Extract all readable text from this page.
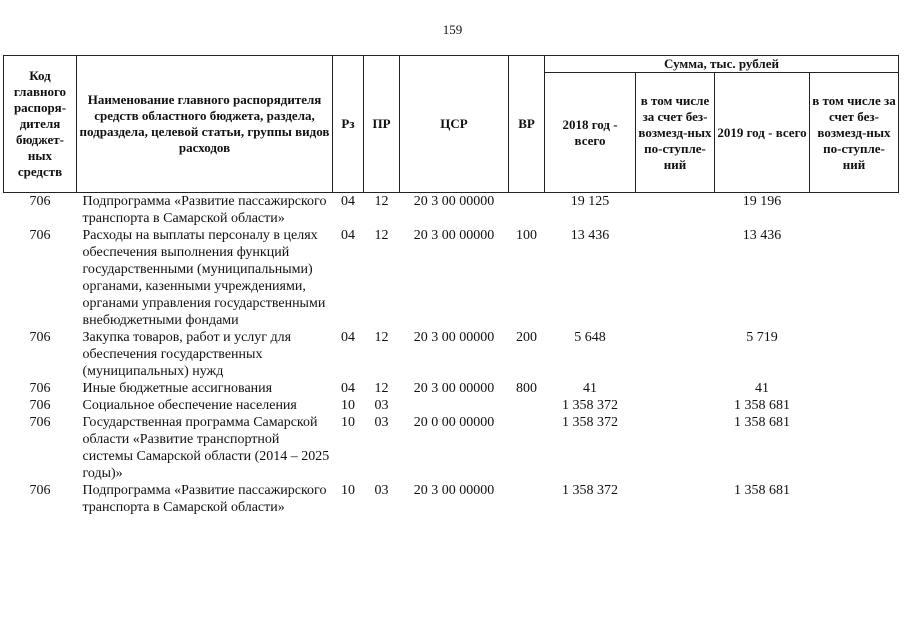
159
Код главного распоря-дителя бюджет-ных средств	Наименование главного распорядителя средств областного бюджета, раздела, подраздела, целевой статьи, группы видов расходов	Рз	ПР	ЦСР	ВР	Сумма, тыс. рублей			
						2018 год - всего	в том числе за счет без-возмезд-ных по-ступле-ний	2019 год - всего	в том числе за счет без-возмезд-ных по-ступле-ний
706	Подпрограмма «Развитие пассажирского транспорта в Самарской области»	04	12	20 3 00 00000		19 125		19 196	
706	Расходы на выплаты персоналу в целях обеспечения выполнения функций государственными (муниципальными) органами, казенными учреждениями, органами управления государственными внебюджетными фондами	04	12	20 3 00 00000	100	13 436		13 436	
706	Закупка товаров, работ и услуг для обеспечения государственных (муниципальных) нужд	04	12	20 3 00 00000	200	5 648		5 719	
706	Иные бюджетные ассигнования	04	12	20 3 00 00000	800	41		41	
706	Социальное обеспечение населения	10	03			1 358 372		1 358 681	
706	Государственная программа Самарской области «Развитие транспортной системы Самарской области (2014 – 2025 годы)»	10	03	20 0 00 00000		1 358 372		1 358 681	
706	Подпрограмма «Развитие пассажирского транспорта в Самарской области»	10	03	20 3 00 00000		1 358 372		1 358 681	
